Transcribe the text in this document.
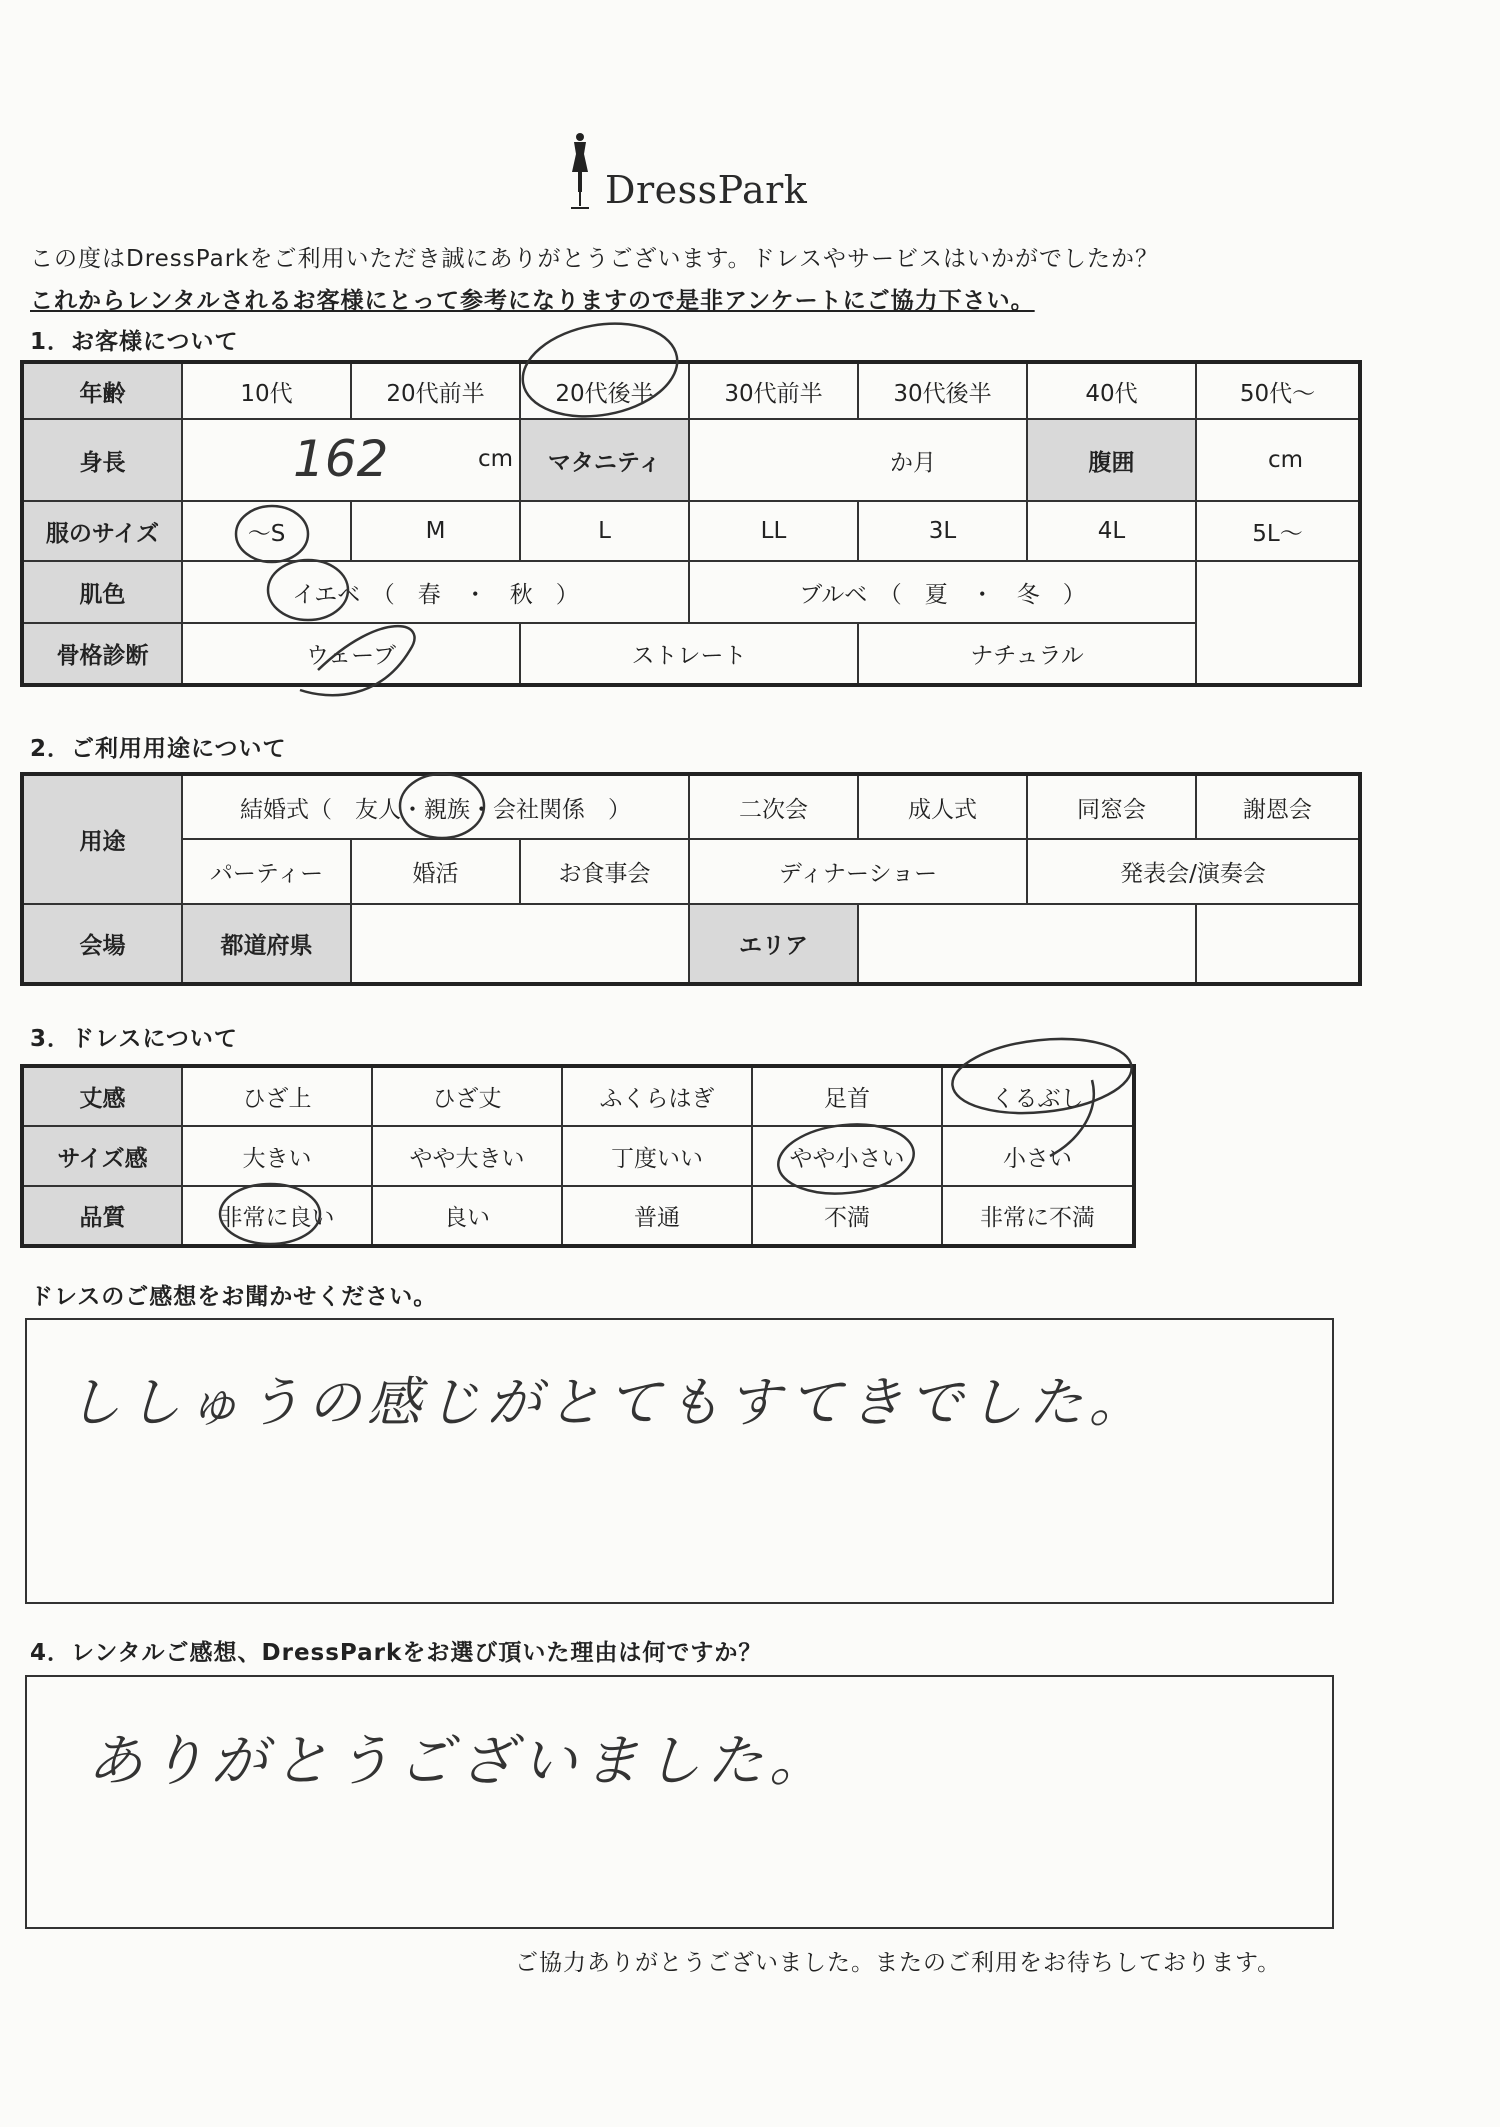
DressPark
この度はDressParkをご利用いただき誠にありがとうございます。ドレスやサービスはいかがでしたか？
これからレンタルされるお客様にとって参考になりますので是非アンケートにご協力下さい。
1．お客様について
年齢	10代	20代前半	20代後半	30代前半	30代後半	40代	50代～
身長	162 cm		マタニティ	か月		腹囲	cm
服のサイズ	～S	M	L	LL	3L	4L	5L～
肌色	イエベ　（　春　・　秋　）			ブルベ　（　夏　・　冬　）			
骨格診断	ウェーブ		ストレート		ナチュラル		
2．ご利用用途について
用途	結婚式（　友人・親族・会社関係　）			二次会	成人式	同窓会	謝恩会
	パーティー	婚活	お食事会	ディナーショー		発表会/演奏会	
会場	都道府県			エリア			
3．ドレスについて
丈感	ひざ上	ひざ丈	ふくらはぎ	足首	くるぶし
サイズ感	大きい	やや大きい	丁度いい	やや小さい	小さい
品質	非常に良い	良い	普通	不満	非常に不満
ドレスのご感想をお聞かせください。
ししゅうの感じがとてもすてきでした。
4．レンタルご感想、DressParkをお選び頂いた理由は何ですか？
ありがとうございました。
ご協力ありがとうございました。またのご利用をお待ちしております。
